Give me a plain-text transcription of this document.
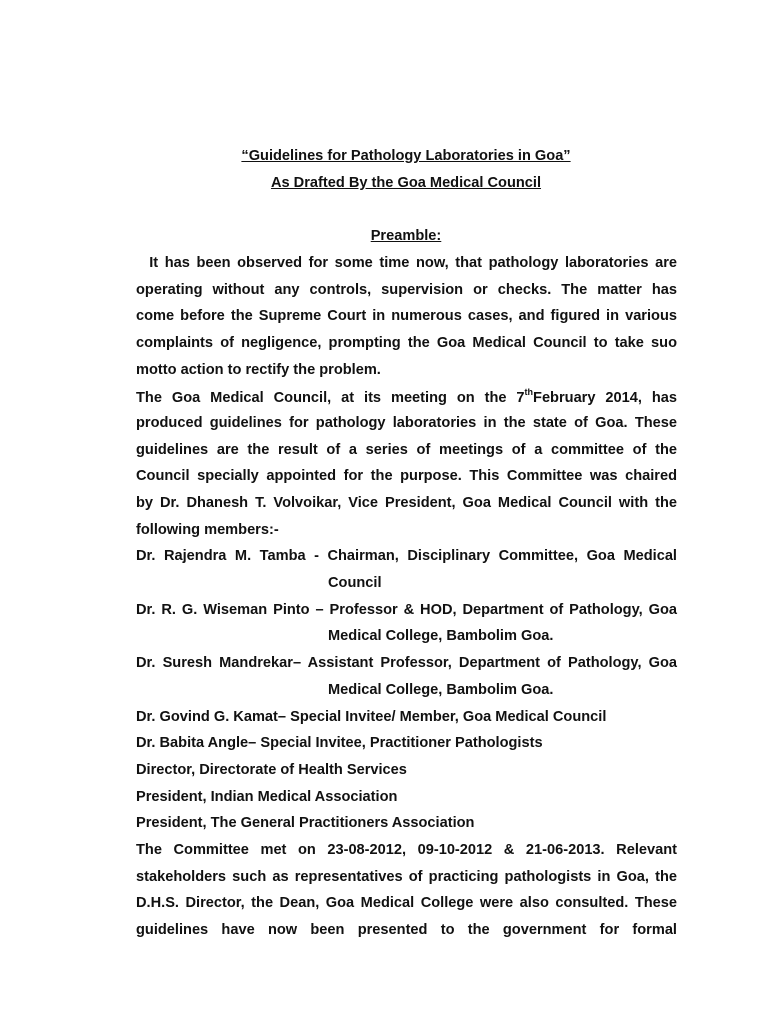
“Guidelines for Pathology Laboratories in Goa”
As Drafted By the Goa Medical Council
Preamble:
It has been observed for some time now, that pathology laboratories are
operating without any controls, supervision or checks. The matter has
come before the Supreme Court in numerous cases, and figured in various
complaints of negligence, prompting the Goa Medical Council to take suo
motto action to rectify the problem.
The Goa Medical Council, at its meeting on the 7thFebruary 2014, has
produced guidelines for pathology laboratories in the state of Goa. These
guidelines are the result of a series of meetings of a committee of the
Council specially appointed for the purpose. This Committee was chaired
by Dr. Dhanesh T. Volvoikar, Vice President, Goa Medical Council with the
following members:-
Dr. Rajendra M. Tamba - Chairman, Disciplinary Committee, Goa Medical
Council
Dr. R. G. Wiseman Pinto – Professor & HOD, Department of Pathology, Goa
Medical College, Bambolim Goa.
Dr. Suresh Mandrekar– Assistant Professor, Department of Pathology, Goa
Medical College, Bambolim Goa.
Dr. Govind G. Kamat– Special Invitee/ Member, Goa Medical Council
Dr. Babita Angle– Special Invitee, Practitioner Pathologists
Director, Directorate of Health Services
President, Indian Medical Association
President, The General Practitioners Association
The Committee met on 23-08-2012, 09-10-2012 & 21-06-2013. Relevant
stakeholders such as representatives of practicing pathologists in Goa, the
D.H.S. Director, the Dean, Goa Medical College were also consulted. These
guidelines have now been presented to the government for formal
